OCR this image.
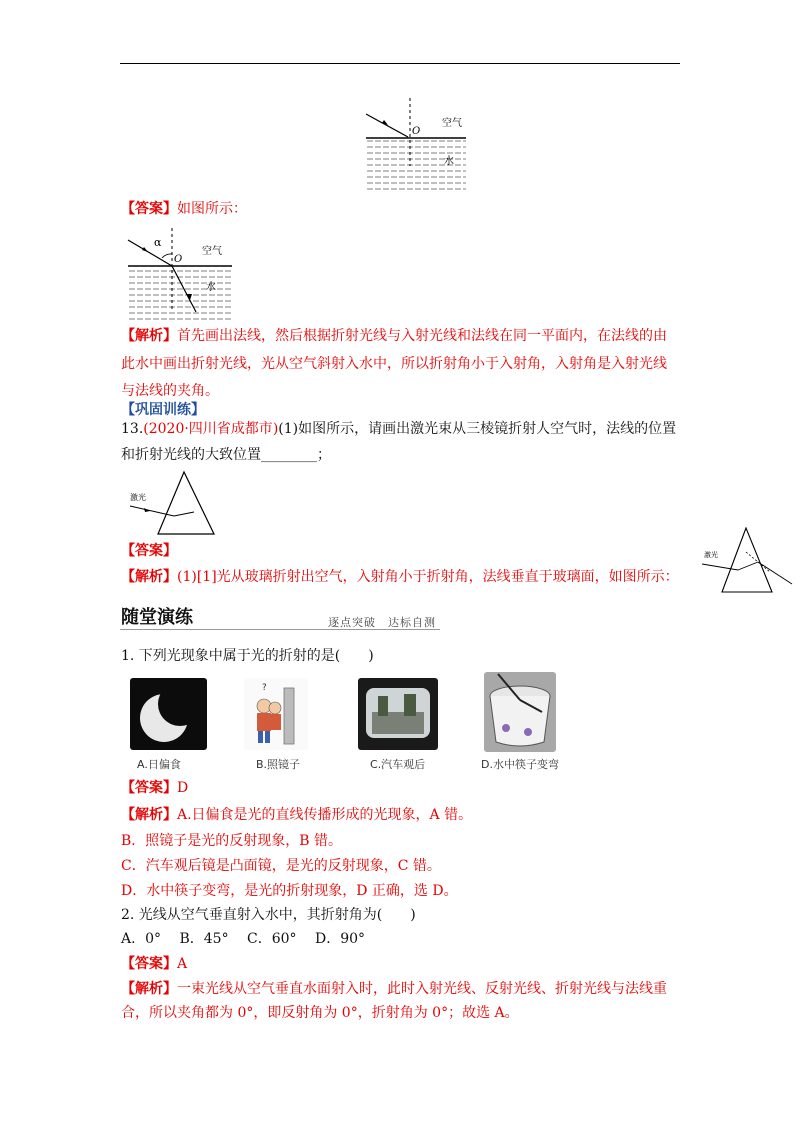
O
空气
水
【答案】如图所示：
α
O
空气
水
【解析】首先画出法线，然后根据折射光线与入射光线和法线在同一平面内，在法线的由
此水中画出折射光线，光从空气斜射入水中，所以折射角小于入射角，入射角是入射光线
与法线的夹角。
【巩固训练】
13.(2020·四川省成都市)(1)如图所示，请画出激光束从三棱镜折射人空气时，法线的位置
和折射光线的大致位置________；
激光
【答案】
【解析】(1)[1]光从玻璃折射出空气，入射角小于折射角，法线垂直于玻璃面，如图所示：
激光
随堂演练	逐点突破　达标自测
1. 下列光现象中属于光的折射的是(　　)
?
A.日偏食	B.照镜子	C.汽车观后	D.水中筷子变弯
【答案】D
【解析】A.日偏食是光的直线传播形成的光现象，A 错。
B．照镜子是光的反射现象，B 错。
C．汽车观后镜是凸面镜，是光的反射现象，C 错。
D．水中筷子变弯，是光的折射现象，D 正确，选 D。
2. 光线从空气垂直射入水中，其折射角为(　　)
A．0°　 B．45°　 C．60°　 D．90°
【答案】A
【解析】一束光线从空气垂直水面射入时，此时入射光线、反射光线、折射光线与法线重
合，所以夹角都为 0°，即反射角为 0°，折射角为 0°；故选 A。
